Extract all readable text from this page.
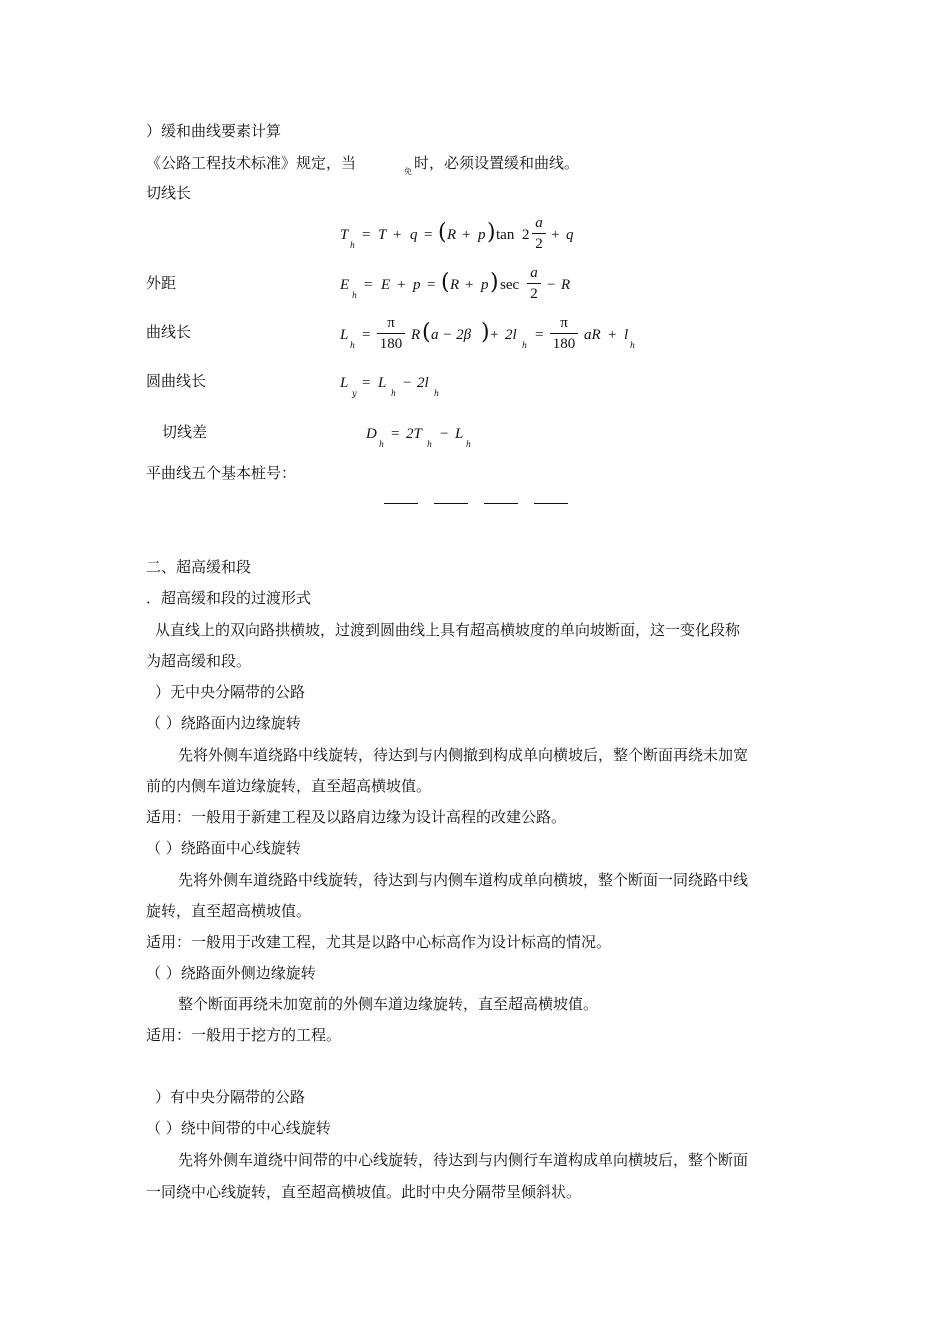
）缓和曲线要素计算
《公路工程技术标准》规定，当	免 时，必须设置缓和曲线。
切线长
T
h
= T + q = ( R + p ) tan 2
a
2
+ q
外距	E
h
= E + p = ( R + p ) sec
a
2
− R
曲线长	L
h
=
π
180
R ( a − 2β ) + 2l
h
=
π
180
aR + l
h
圆曲线长	L
y
= L
h
− 2l
h
切线差	D
h
= 2T
h
− L
h
平曲线五个基本桩号：
二、超高缓和段
．超高缓和段的过渡形式
从直线上的双向路拱横坡，过渡到圆曲线上具有超高横坡度的单向坡断面，这一变化段称
为超高缓和段。
）无中央分隔带的公路
（ ）绕路面内边缘旋转
先将外侧车道绕路中线旋转，待达到与内侧撤到构成单向横坡后，整个断面再绕未加宽
前的内侧车道边缘旋转，直至超高横坡值。
适用：一般用于新建工程及以路肩边缘为设计高程的改建公路。
（ ）绕路面中心线旋转
先将外侧车道绕路中线旋转，待达到与内侧车道构成单向横坡，整个断面一同绕路中线
旋转，直至超高横坡值。
适用：一般用于改建工程，尤其是以路中心标高作为设计标高的情况。
（ ）绕路面外侧边缘旋转
整个断面再绕未加宽前的外侧车道边缘旋转，直至超高横坡值。
适用：一般用于挖方的工程。
）有中央分隔带的公路
（ ）绕中间带的中心线旋转
先将外侧车道绕中间带的中心线旋转，待达到与内侧行车道构成单向横坡后，整个断面
一同绕中心线旋转，直至超高横坡值。此时中央分隔带呈倾斜状。
